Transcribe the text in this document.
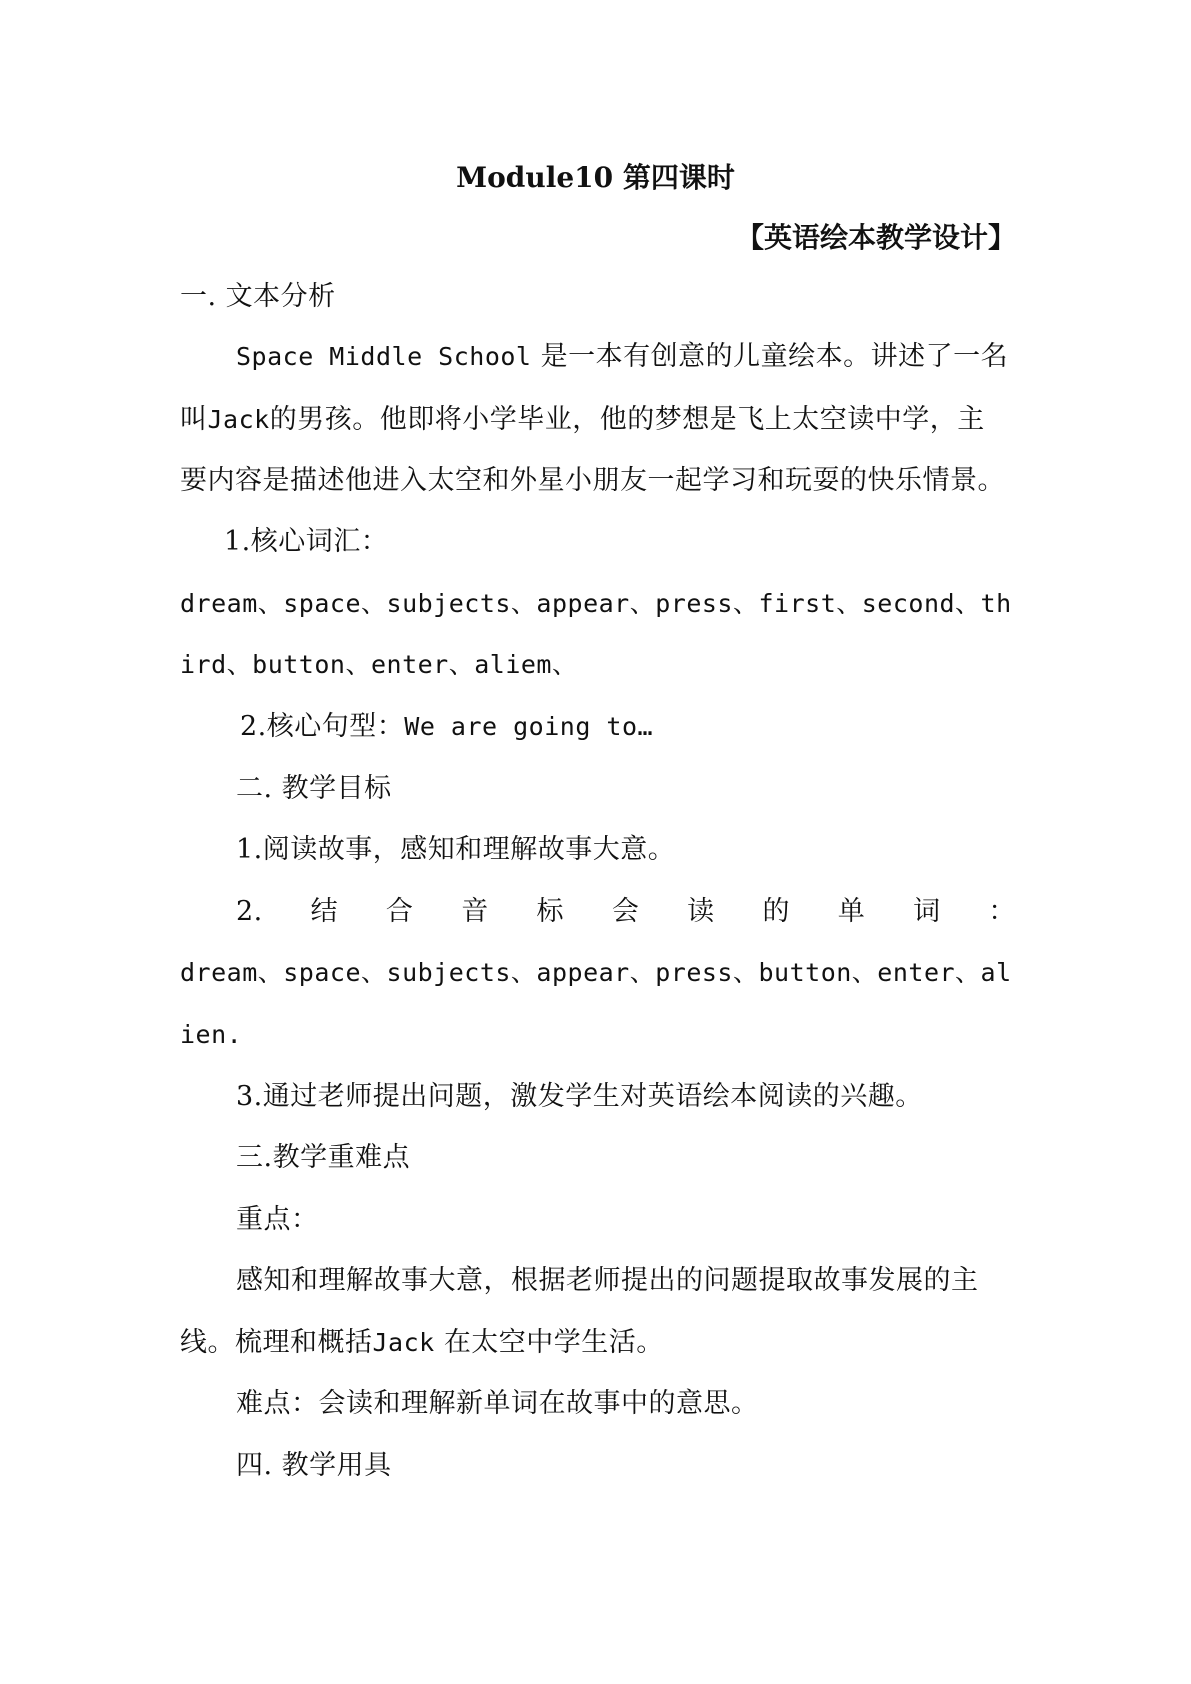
Module10 第四课时
【英语绘本教学设计】
一. 文本分析
Space Middle School 是一本有创意的儿童绘本。讲述了一名
叫Jack的男孩。他即将小学毕业，他的梦想是飞上太空读中学，主
要内容是描述他进入太空和外星小朋友一起学习和玩耍的快乐情景。
1.核心词汇：
dream、space、subjects、appear、press、first、second、th
ird、button、enter、aliem、
2.核心句型：We are going to…
二. 教学目标
1.阅读故事，感知和理解故事大意。
2. 结 合 音 标 会 读 的 单 词 ：
dream、space、subjects、appear、press、button、enter、al
ien.
3.通过老师提出问题，激发学生对英语绘本阅读的兴趣。
三.教学重难点
重点：
感知和理解故事大意，根据老师提出的问题提取故事发展的主
线。梳理和概括Jack 在太空中学生活。
难点：会读和理解新单词在故事中的意思。
四. 教学用具
